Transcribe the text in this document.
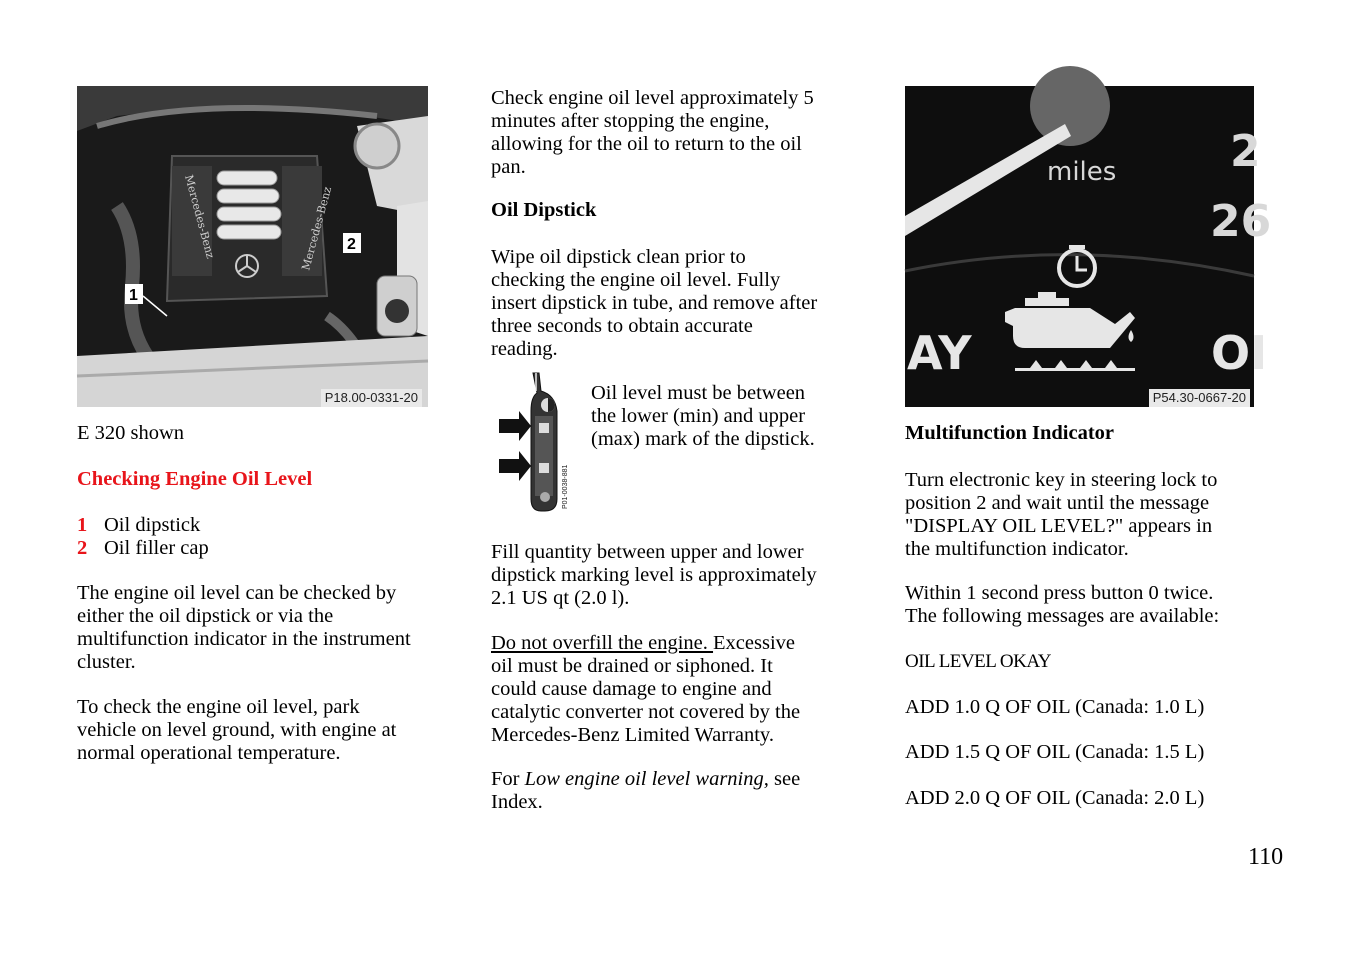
Mercedes-Benz	Mercedes-Benz
1
2
P18.00-0331-20

E 320 shown

Checking Engine Oil Level

1 Oil dipstick
2 Oil filler cap
The engine oil level can be checked by
either the oil dipstick or via the
multifunction indicator in the instrument
cluster.
To check the engine oil level, park
vehicle on level ground, with engine at
normal operational temperature.
Check engine oil level approximately 5
minutes after stopping the engine,
allowing for the oil to return to the oil
pan.

Oil Dipstick

Wipe oil dipstick clean prior to
checking the engine oil level. Fully
insert dipstick in tube, and remove after
three seconds to obtain accurate
reading.
P01-0038-881
Oil level must be between
the lower (min) and upper
(max) mark of the dipstick.
Fill quantity between upper and lower
dipstick marking level is approximately
2.1 US qt (2.0 l).
Do not overfill the engine. Excessive
oil must be drained or siphoned. It
could cause damage to engine and
catalytic converter not covered by the
Mercedes-Benz Limited Warranty.
For Low engine oil level warning, see
Index.
miles	2
26
AY	OI
P54.30-0667-20

Multifunction Indicator

Turn electronic key in steering lock to
position 2 and wait until the message
"DISPLAY OIL LEVEL?" appears in
the multifunction indicator.
Within 1 second press button 0 twice.
The following messages are available:

OIL LEVEL OKAY

ADD 1.0 Q OF OIL (Canada: 1.0 L)

ADD 1.5 Q OF OIL (Canada: 1.5 L)

ADD 2.0 Q OF OIL (Canada: 2.0 L)

110
